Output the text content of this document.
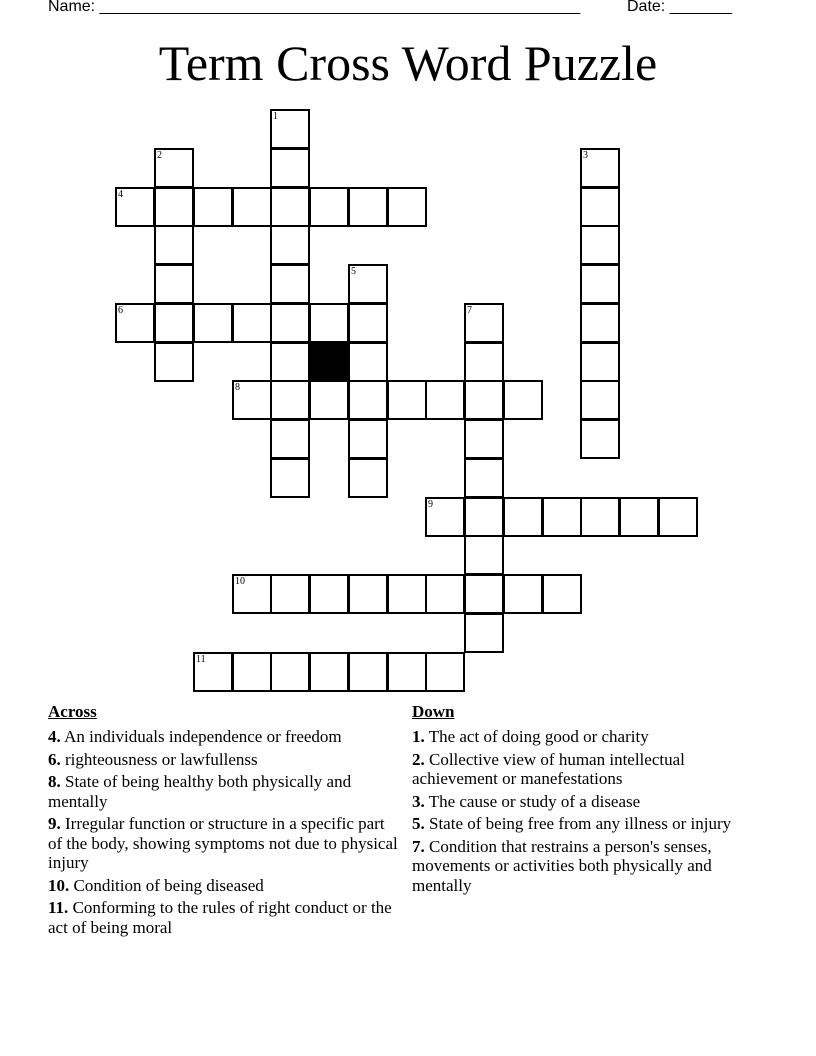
Name: ______________________________________________________	Date: _______
Term Cross Word Puzzle
1
2	3
4
5
6	7
8
9
10
11
Across
4. An individuals independence or freedom
6. righteousness or lawfullenss
8. State of being healthy both physically and mentally
9. Irregular function or structure in a specific part of the body, showing symptoms not due to physical injury
10. Condition of being diseased
11. Conforming to the rules of right conduct or the act of being moral
Down
1. The act of doing good or charity
2. Collective view of human intellectual achievement or manefestations
3. The cause or study of a disease
5. State of being free from any illness or injury
7. Condition that restrains a person's senses, movements or activities both physically and mentally
